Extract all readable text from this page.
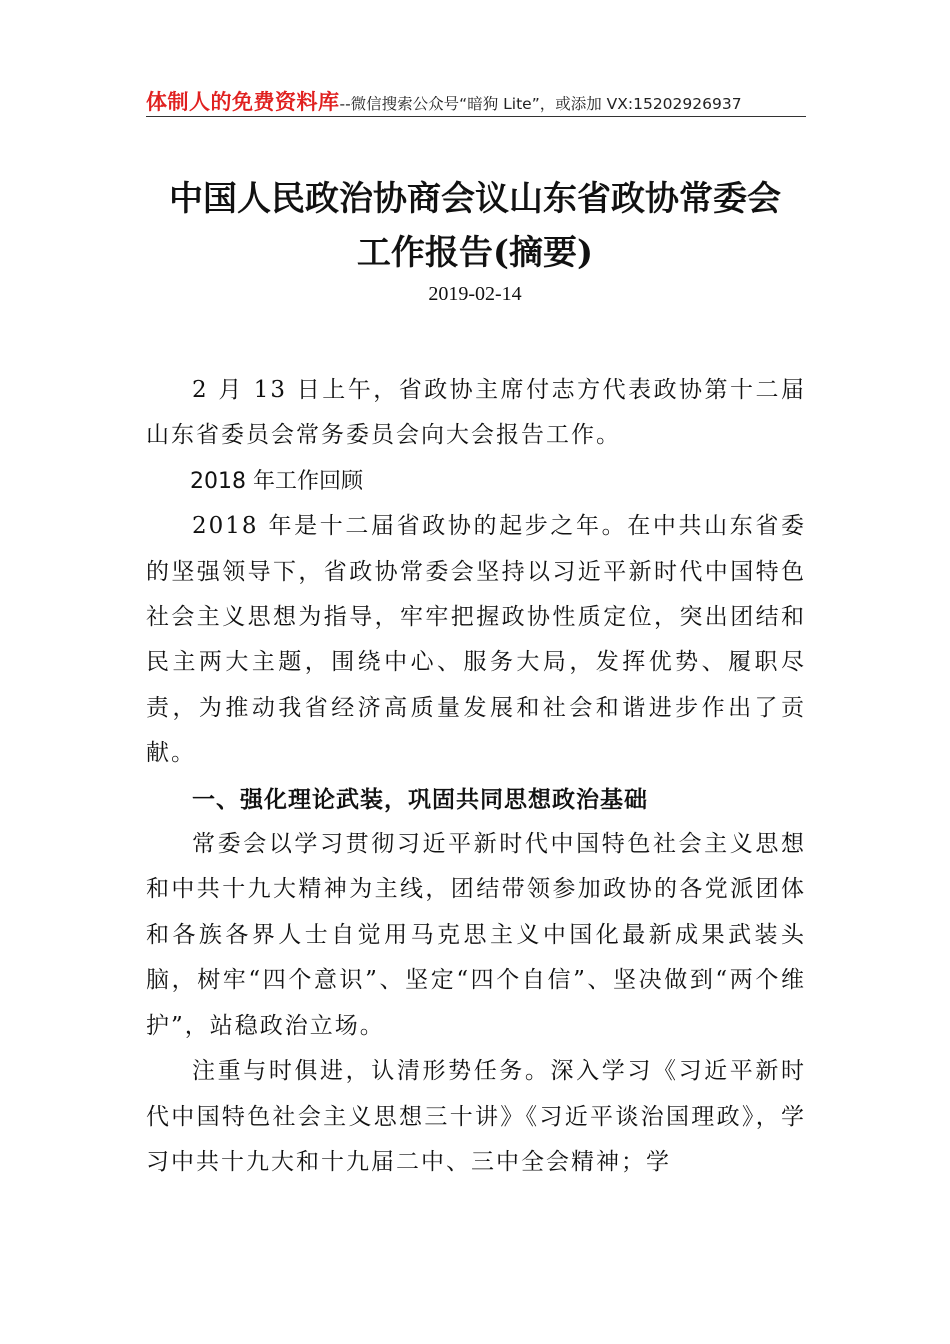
体制人的免费资料库--微信搜索公众号“暗狗 Lite”，或添加 VX:15202926937
中国人民政治协商会议山东省政协常委会
工作报告(摘要)
2019-02-14

2 月 13 日上午，省政协主席付志方代表政协第十二届山东省委员会常务委员会向大会报告工作。

2018 年工作回顾

2018 年是十二届省政协的起步之年。在中共山东省委的坚强领导下，省政协常委会坚持以习近平新时代中国特色社会主义思想为指导，牢牢把握政协性质定位，突出团结和民主两大主题，围绕中心、服务大局，发挥优势、履职尽责，为推动我省经济高质量发展和社会和谐进步作出了贡献。

一、强化理论武装，巩固共同思想政治基础

常委会以学习贯彻习近平新时代中国特色社会主义思想和中共十九大精神为主线，团结带领参加政协的各党派团体和各族各界人士自觉用马克思主义中国化最新成果武装头脑，树牢“四个意识”、坚定“四个自信”、坚决做到“两个维护”，站稳政治立场。

注重与时俱进，认清形势任务。深入学习《习近平新时代中国特色社会主义思想三十讲》《习近平谈治国理政》，学习中共十九大和十九届二中、三中全会精神；学
